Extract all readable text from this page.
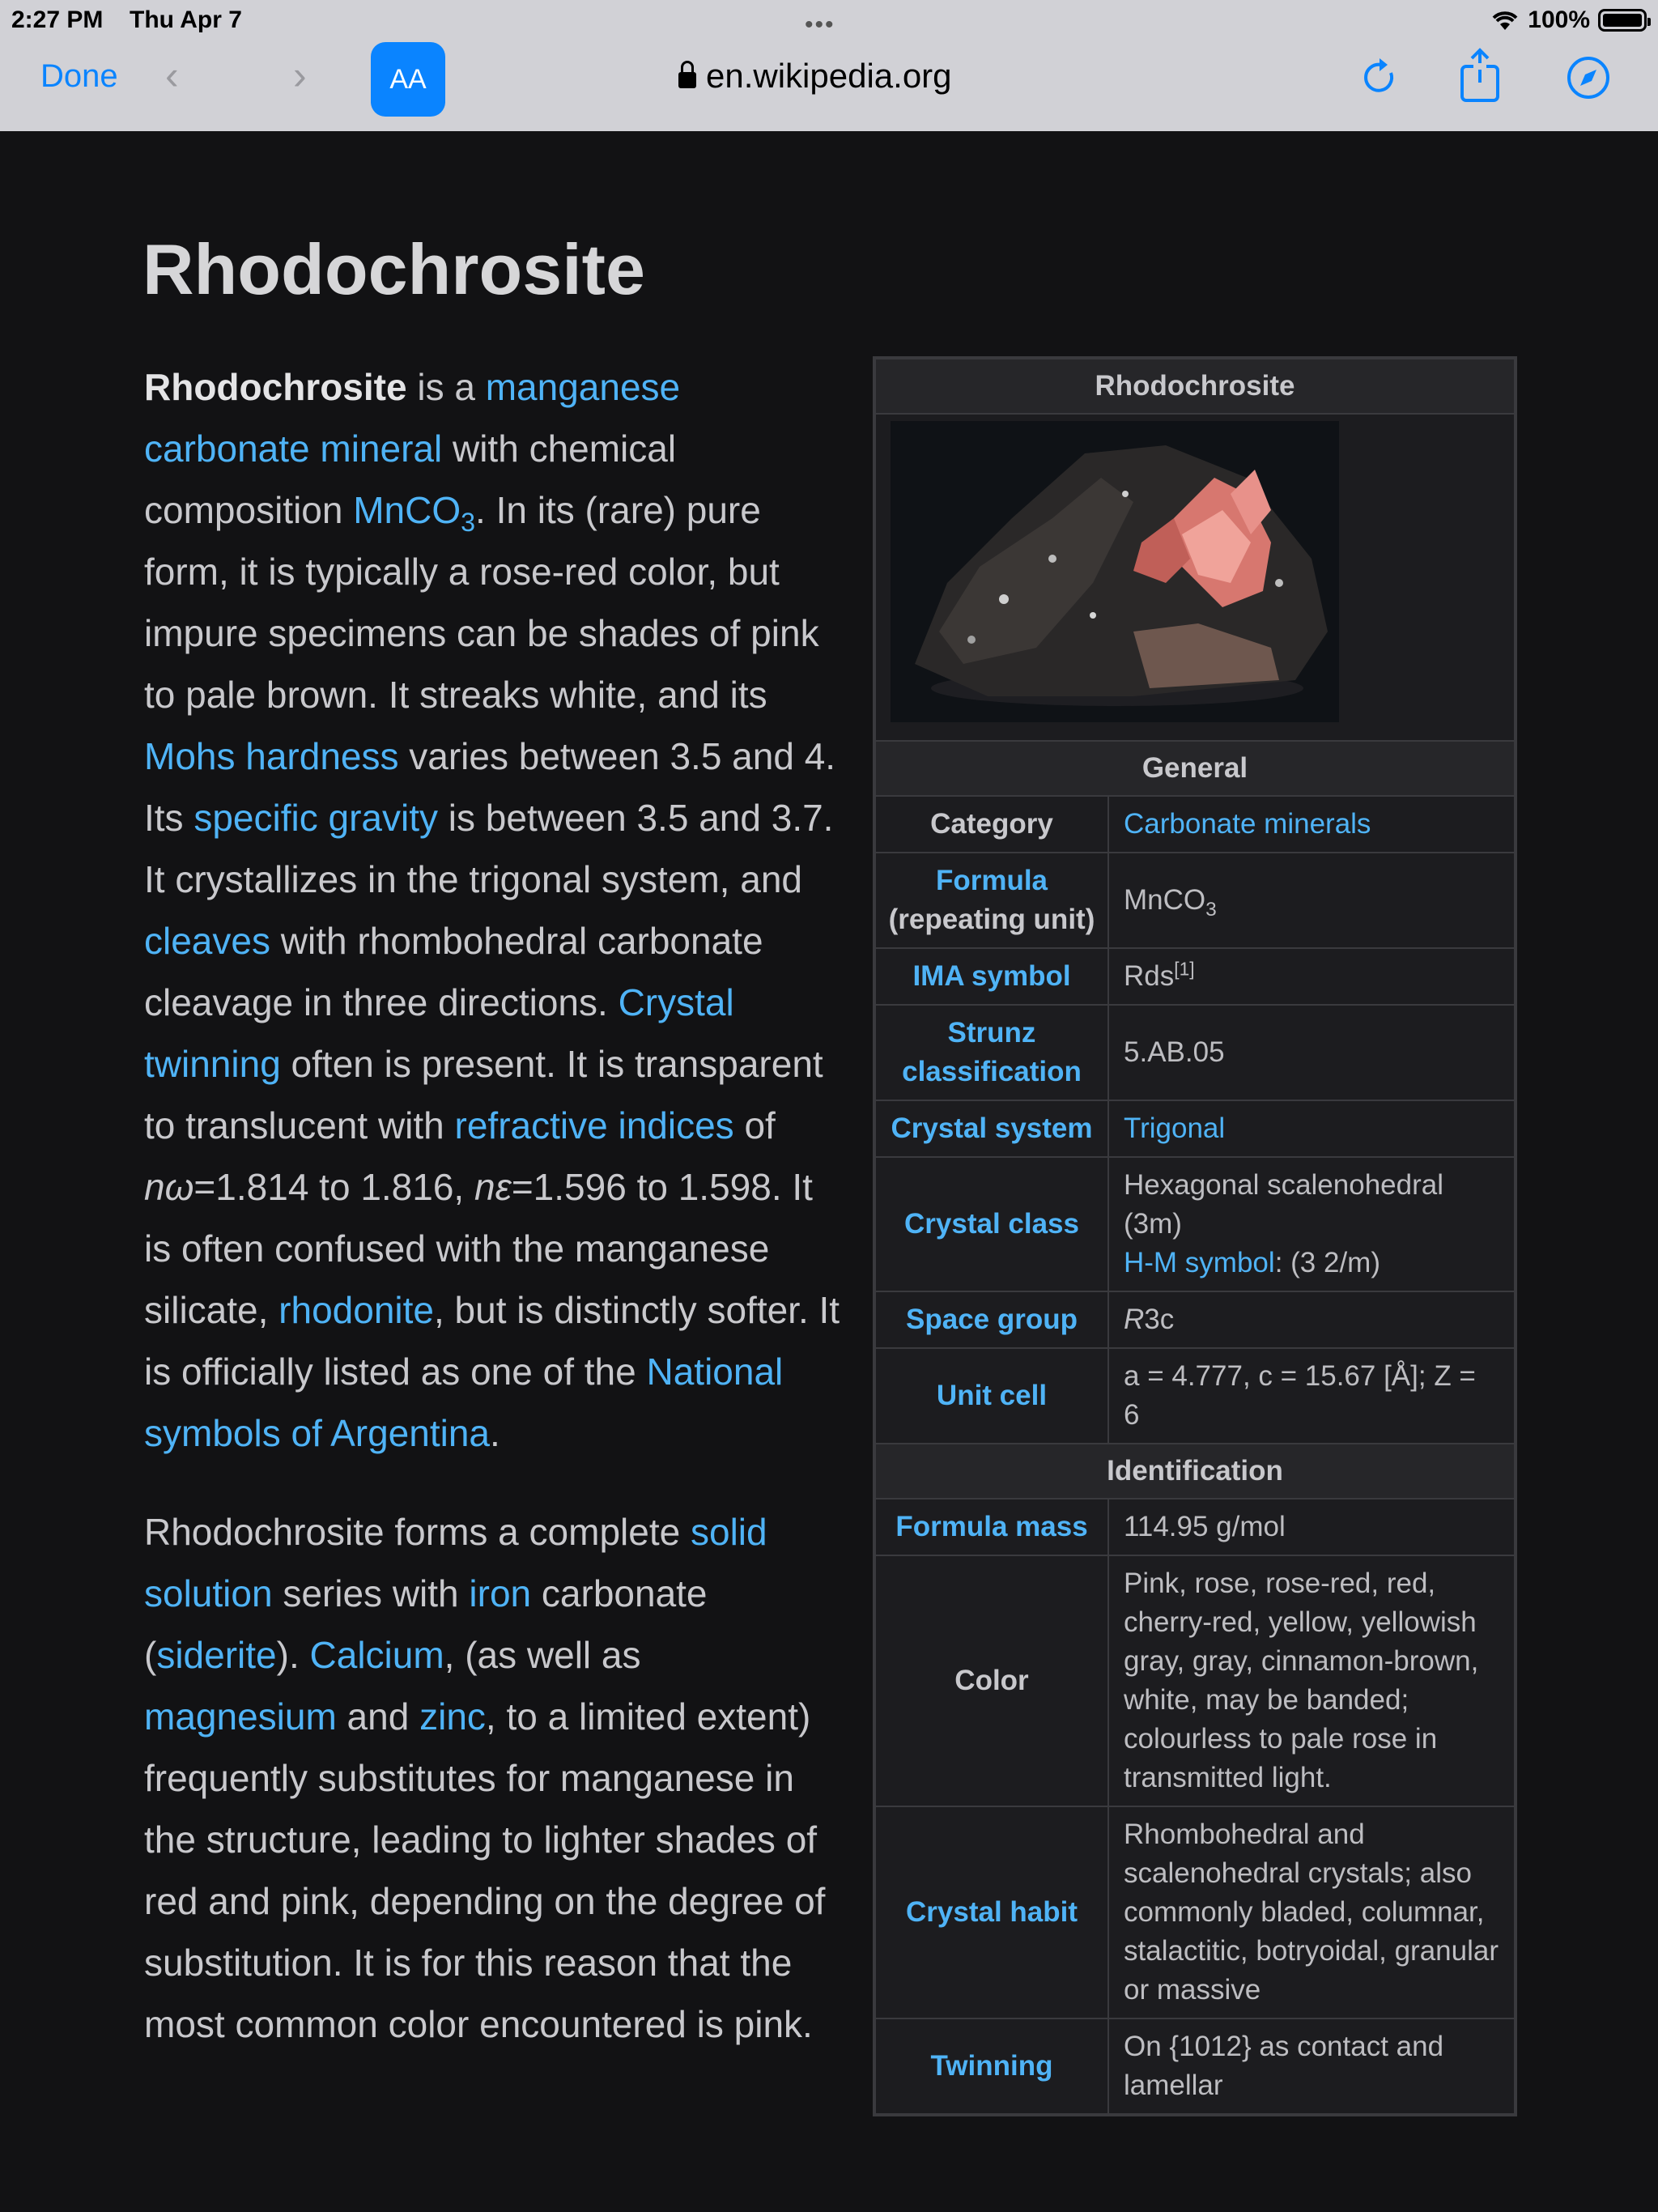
2:27 PM Thu Apr 7	•••	100%
Done ‹	›	AA	en.wikipedia.org
Rhodochrosite

Rhodochrosite is a manganese carbonate mineral with chemical composition MnCO$_3$. In its (rare) pure form, it is typically a rose-red color, but impure specimens can be shades of pink to pale brown. It streaks white, and its Mohs hardness varies between 3.5 and 4. Its specific gravity is between 3.5 and 3.7. It crystallizes in the trigonal system, and cleaves with rhombohedral carbonate cleavage in three directions. Crystal twinning often is present. It is transparent to translucent with refractive indices of nω=1.814 to 1.816, nε=1.596 to 1.598. It is often confused with the manganese silicate, rhodonite, but is distinctly softer. It is officially listed as one of the National symbols of Argentina.

Rhodochrosite forms a complete solid solution series with iron carbonate (siderite). Calcium, (as well as magnesium and zinc, to a limited extent) frequently substitutes for manganese in the structure, leading to lighter shades of red and pink, depending on the degree of substitution. It is for this reason that the most common color encountered is pink.

Rhodochrosite	

General	
Category	Carbonate minerals
Formula
(repeating unit)	MnCO$_3$
IMA symbol	Rds[1]
Strunz classification	5.AB.05
Crystal system	Trigonal
Crystal class	Hexagonal scalenohedral (3m)
H-M symbol: (3 2/m)
Space group	R3c
Unit cell	a = 4.777, c = 15.67 [Å]; Z = 6
Identification	
Formula mass	114.95 g/mol
Color	Pink, rose, rose-red, red, cherry-red, yellow, yellowish gray, gray, cinnamon-brown, white, may be banded; colourless to pale rose in transmitted light.
Crystal habit	Rhombohedral and scalenohedral crystals; also commonly bladed, columnar, stalactitic, botryoidal, granular or massive
Twinning	On {1012} as contact and lamellar
